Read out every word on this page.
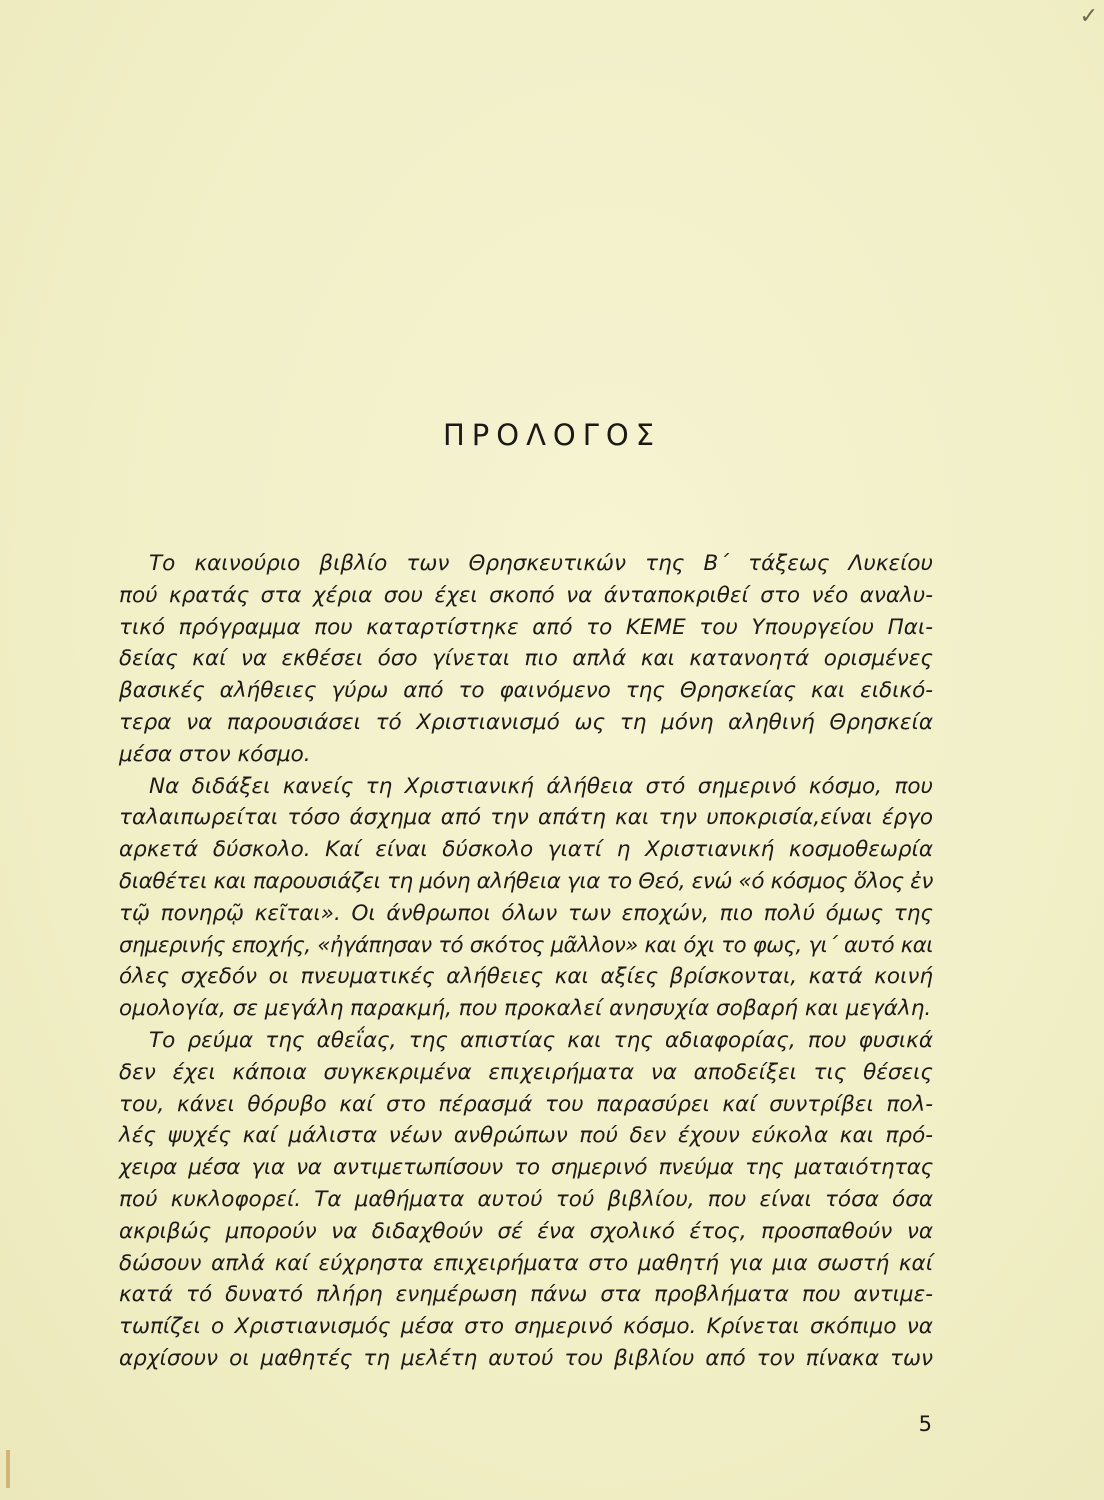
✓
ΠΡΟΛΟΓΟΣ
Το καινούριο βιβλίο των Θρησκευτικών της Β΄ τάξεως Λυκείου
πού κρατάς στα χέρια σου έχει σκοπό να άνταποκριθεί στο νέο αναλυ-
τικό πρόγραμμα που καταρτίστηκε από το ΚΕΜΕ του Υπουργείου Παι-
δείας καί να εκθέσει όσο γίνεται πιο απλά και κατανοητά ορισμένες
βασικές αλήθειες γύρω από το φαινόμενο της Θρησκείας και ειδικό-
τερα να παρουσιάσει τό Χριστιανισμό ως τη μόνη αληθινή Θρησκεία
μέσα στον κόσμο.
Να διδάξει κανείς τη Χριστιανική άλήθεια στό σημερινό κόσμο, που
ταλαιπωρείται τόσο άσχημα από την απάτη και την υποκρισία,είναι έργο
αρκετά δύσκολο. Καί είναι δύσκολο γιατί η Χριστιανική κοσμοθεωρία
διαθέτει και παρουσιάζει τη μόνη αλήθεια για το Θεό, ενώ «ό κόσμος ὅλος ἐν
τῷ πονηρῷ κεῖται». Οι άνθρωποι όλων των εποχών, πιο πολύ όμως της
σημερινής εποχής, «ἠγάπησαν τό σκότος μᾶλλον» και όχι το φως, γι΄ αυτό και
όλες σχεδόν οι πνευματικές αλήθειες και αξίες βρίσκονται, κατά κοινή
ομολογία, σε μεγάλη παρακμή, που προκαλεί ανησυχία σοβαρή και μεγάλη.
Το ρεύμα της αθεΐας, της απιστίας και της αδιαφορίας, που φυσικά
δεν έχει κάποια συγκεκριμένα επιχειρήματα να αποδείξει τις θέσεις
του, κάνει θόρυβο καί στο πέρασμά του παρασύρει καί συντρίβει πολ-
λές ψυχές καί μάλιστα νέων ανθρώπων πού δεν έχουν εύκολα και πρό-
χειρα μέσα για να αντιμετωπίσουν το σημερινό πνεύμα της ματαιότητας
πού κυκλοφορεί. Τα μαθήματα αυτού τού βιβλίου, που είναι τόσα όσα
ακριβώς μπορούν να διδαχθούν σέ ένα σχολικό έτος, προσπαθούν να
δώσουν απλά καί εύχρηστα επιχειρήματα στο μαθητή για μια σωστή καί
κατά τό δυνατό πλήρη ενημέρωση πάνω στα προβλήματα που αντιμε-
τωπίζει ο Χριστιανισμός μέσα στο σημερινό κόσμο. Κρίνεται σκόπιμο να
αρχίσουν οι μαθητές τη μελέτη αυτού του βιβλίου από τον πίνακα των
5
